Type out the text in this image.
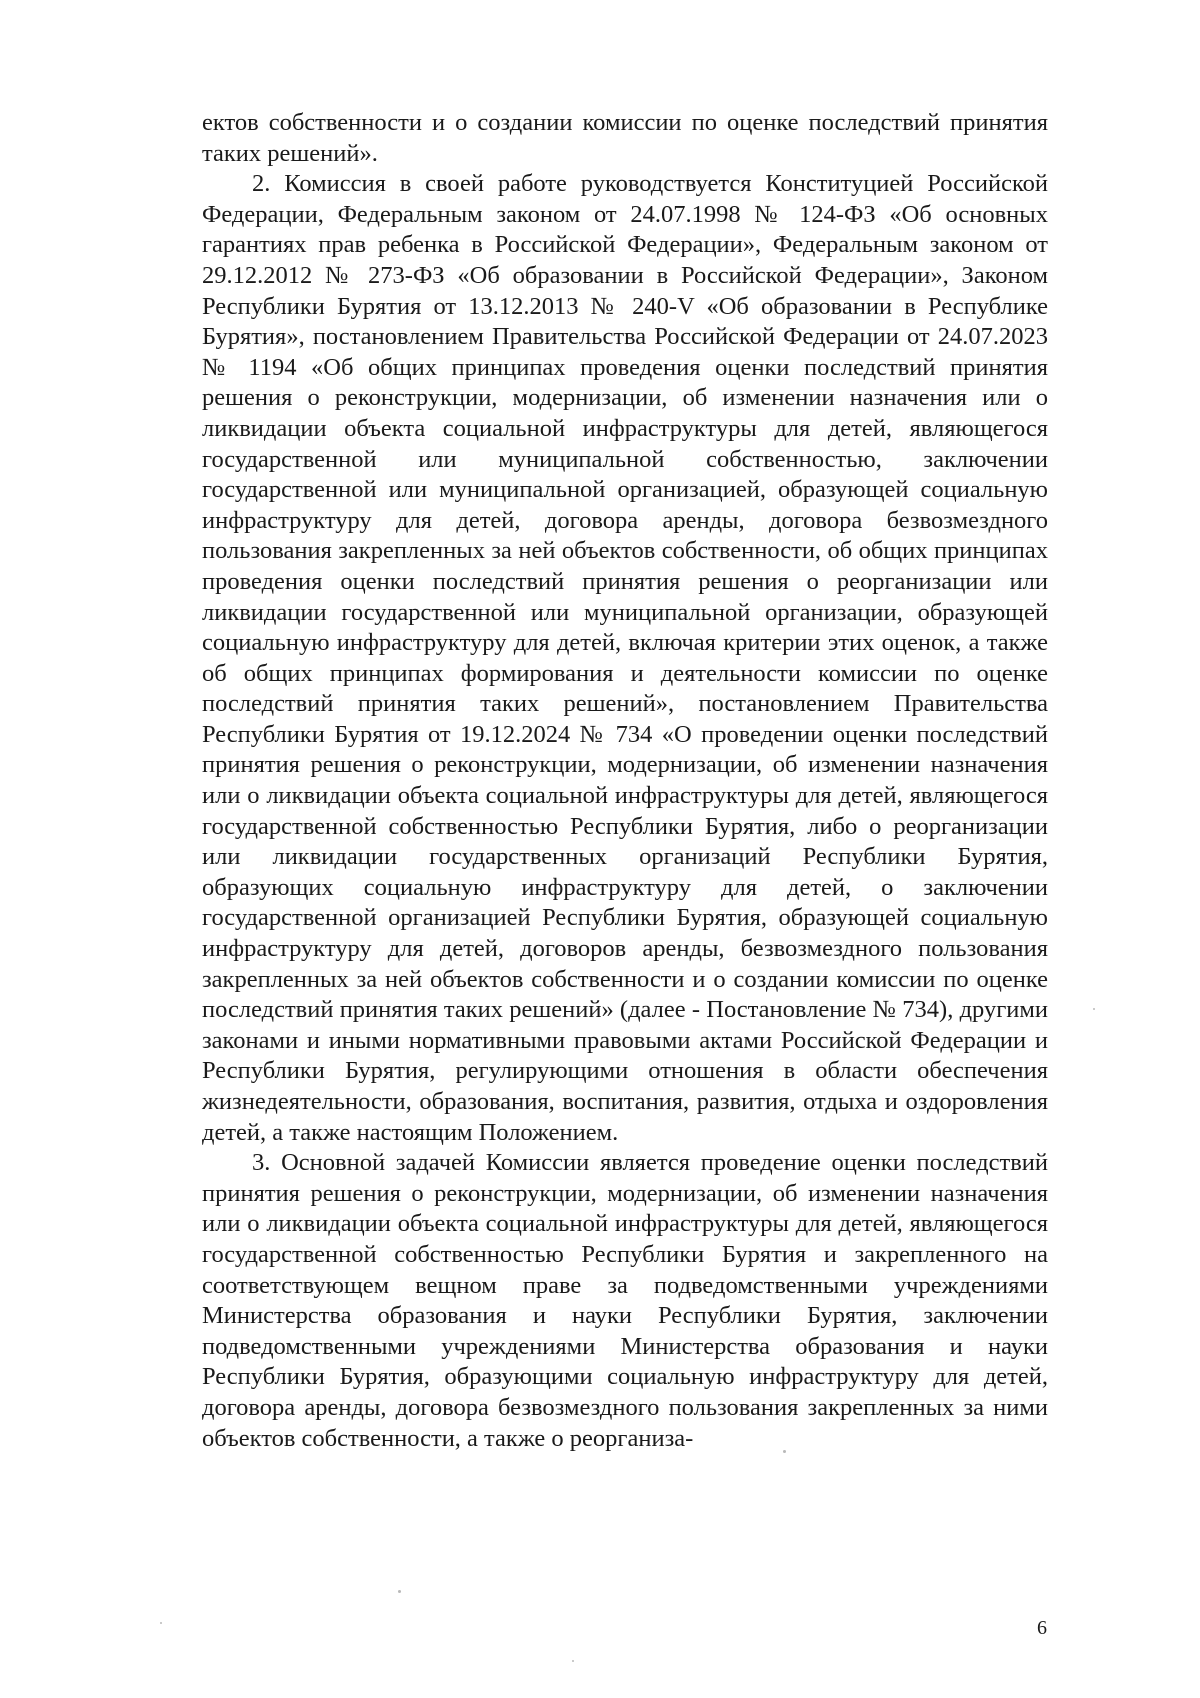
ектов собственности и о создании комиссии по оценке последствий принятия таких решений».

2. Комиссия в своей работе руководствуется Конституцией Российской Федерации, Федеральным законом от 24.07.1998 № 124-ФЗ «Об основных гарантиях прав ребенка в Российской Федерации», Федеральным законом от 29.12.2012 № 273-ФЗ «Об образовании в Российской Федерации», Законом Республики Бурятия от 13.12.2013 № 240-V «Об образовании в Республике Бурятия», постановлением Правительства Российской Федерации от 24.07.2023 № 1194 «Об общих принципах проведения оценки последствий принятия решения о реконструкции, модернизации, об изменении назначения или о ликвидации объекта социальной инфраструктуры для детей, являющегося государственной или муниципальной собственностью, заключении государственной или муниципальной организацией, образующей социальную инфраструктуру для детей, договора аренды, договора безвозмездного пользования закрепленных за ней объектов собственности, об общих принципах проведения оценки последствий принятия решения о реорганизации или ликвидации государственной или муниципальной организации, образующей социальную инфраструктуру для детей, включая критерии этих оценок, а также об общих принципах формирования и деятельности комиссии по оценке последствий принятия таких решений», постановлением Правительства Республики Бурятия от 19.12.2024 № 734 «О проведении оценки последствий принятия решения о реконструкции, модернизации, об изменении назначения или о ликвидации объекта социальной инфраструктуры для детей, являющегося государственной собственностью Республики Бурятия, либо о реорганизации или ликвидации государственных организаций Республики Бурятия, образующих социальную инфраструктуру для детей, о заключении государственной организацией Республики Бурятия, образующей социальную инфраструктуру для детей, договоров аренды, безвозмездного пользования закрепленных за ней объектов собственности и о создании комиссии по оценке последствий принятия таких решений» (далее - Постановление № 734), другими законами и иными нормативными правовыми актами Российской Федерации и Республики Бурятия, регулирующими отношения в области обеспечения жизнедеятельности, образования, воспитания, развития, отдыха и оздоровления детей, а также настоящим Положением.

3. Основной задачей Комиссии является проведение оценки последствий принятия решения о реконструкции, модернизации, об изменении назначения или о ликвидации объекта социальной инфраструктуры для детей, являющегося государственной собственностью Республики Бурятия и закрепленного на соответствующем вещном праве за подведомственными учреждениями Министерства образования и науки Республики Бурятия, заключении подведомственными учреждениями Министерства образования и науки Республики Бурятия, образующими социальную инфраструктуру для детей, договора аренды, договора безвозмездного пользования закрепленных за ними объектов собственности, а также о реорганиза-

6
